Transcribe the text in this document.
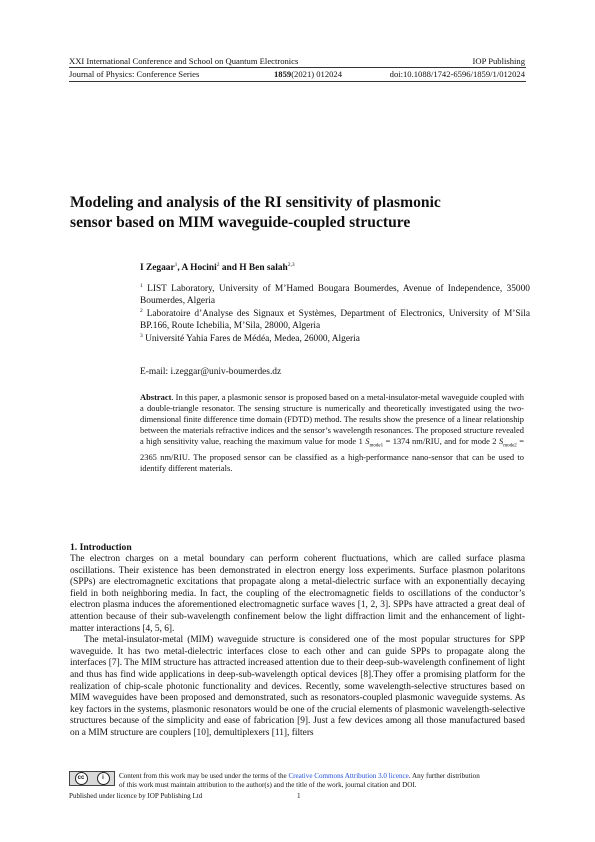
XXI International Conference and School on Quantum Electronics	IOP Publishing
Journal of Physics: Conference Series	1859(2021) 012024	doi:10.1088/1742-6596/1859/1/012024
Modeling and analysis of the RI sensitivity of plasmonic
sensor based on MIM waveguide-coupled structure
I Zegaar$^1$, A Hocini$^2$ and H Ben salah$^{2,3}$
$^1$ LIST Laboratory, University of M’Hamed Bougara Boumerdes, Avenue of Independence, 35000 Boumerdes, Algeria
$^2$ Laboratoire d’Analyse des Signaux et Systèmes, Department of Electronics, University of M’Sila BP.166, Route Ichebilia, M’Sila, 28000, Algeria
$^3$ Université Yahia Fares de Médéa, Medea, 26000, Algeria
E-mail: i.zeggar@univ-boumerdes.dz
Abstract. In this paper, a plasmonic sensor is proposed based on a metal-insulator-metal waveguide coupled with a double-triangle resonator. The sensing structure is numerically and theoretically investigated using the two-dimensional finite difference time domain (FDTD) method. The results show the presence of a linear relationship between the materials refractive indices and the sensor’s wavelength resonances. The proposed structure revealed a high sensitivity value, reaching the maximum value for mode 1 $S_{mode1} = 1374$ nm/RIU, and for mode 2 $S_{mode2} = 2365$ nm/RIU. The proposed sensor can be classified as a high-performance nano-sensor that can be used to identify different materials.
1. Introduction

The electron charges on a metal boundary can perform coherent fluctuations, which are called surface plasma oscillations. Their existence has been demonstrated in electron energy loss experiments. Surface plasmon polaritons (SPPs) are electromagnetic excitations that propagate along a metal-dielectric surface with an exponentially decaying field in both neighboring media. In fact, the coupling of the electromagnetic fields to oscillations of the conductor’s electron plasma induces the aforementioned electromagnetic surface waves [1, 2, 3]. SPPs have attracted a great deal of attention because of their sub-wavelength confinement below the light diffraction limit and the enhancement of light-matter interactions [4, 5, 6].

The metal-insulator-metal (MIM) waveguide structure is considered one of the most popular structures for SPP waveguide. It has two metal-dielectric interfaces close to each other and can guide SPPs to propagate along the interfaces [7]. The MIM structure has attracted increased attention due to their deep-sub-wavelength confinement of light and thus has find wide applications in deep-sub-wavelength optical devices [8].They offer a promising platform for the realization of chip-scale photonic functionality and devices. Recently, some wavelength-selective structures based on MIM waveguides have been proposed and demonstrated, such as resonators-coupled plasmonic waveguide systems. As key factors in the systems, plasmonic resonators would be one of the crucial elements of plasmonic wavelength-selective structures because of the simplicity and ease of fabrication [9]. Just a few devices among all those manufactured based on a MIM structure are couplers [10], demultiplexers [11], filters

cc	i	Content from this work may be used under the terms of the Creative Commons Attribution 3.0 licence. Any further distribution
of this work must maintain attribution to the author(s) and the title of the work, journal citation and DOI.
Published under licence by IOP Publishing Ltd	1
